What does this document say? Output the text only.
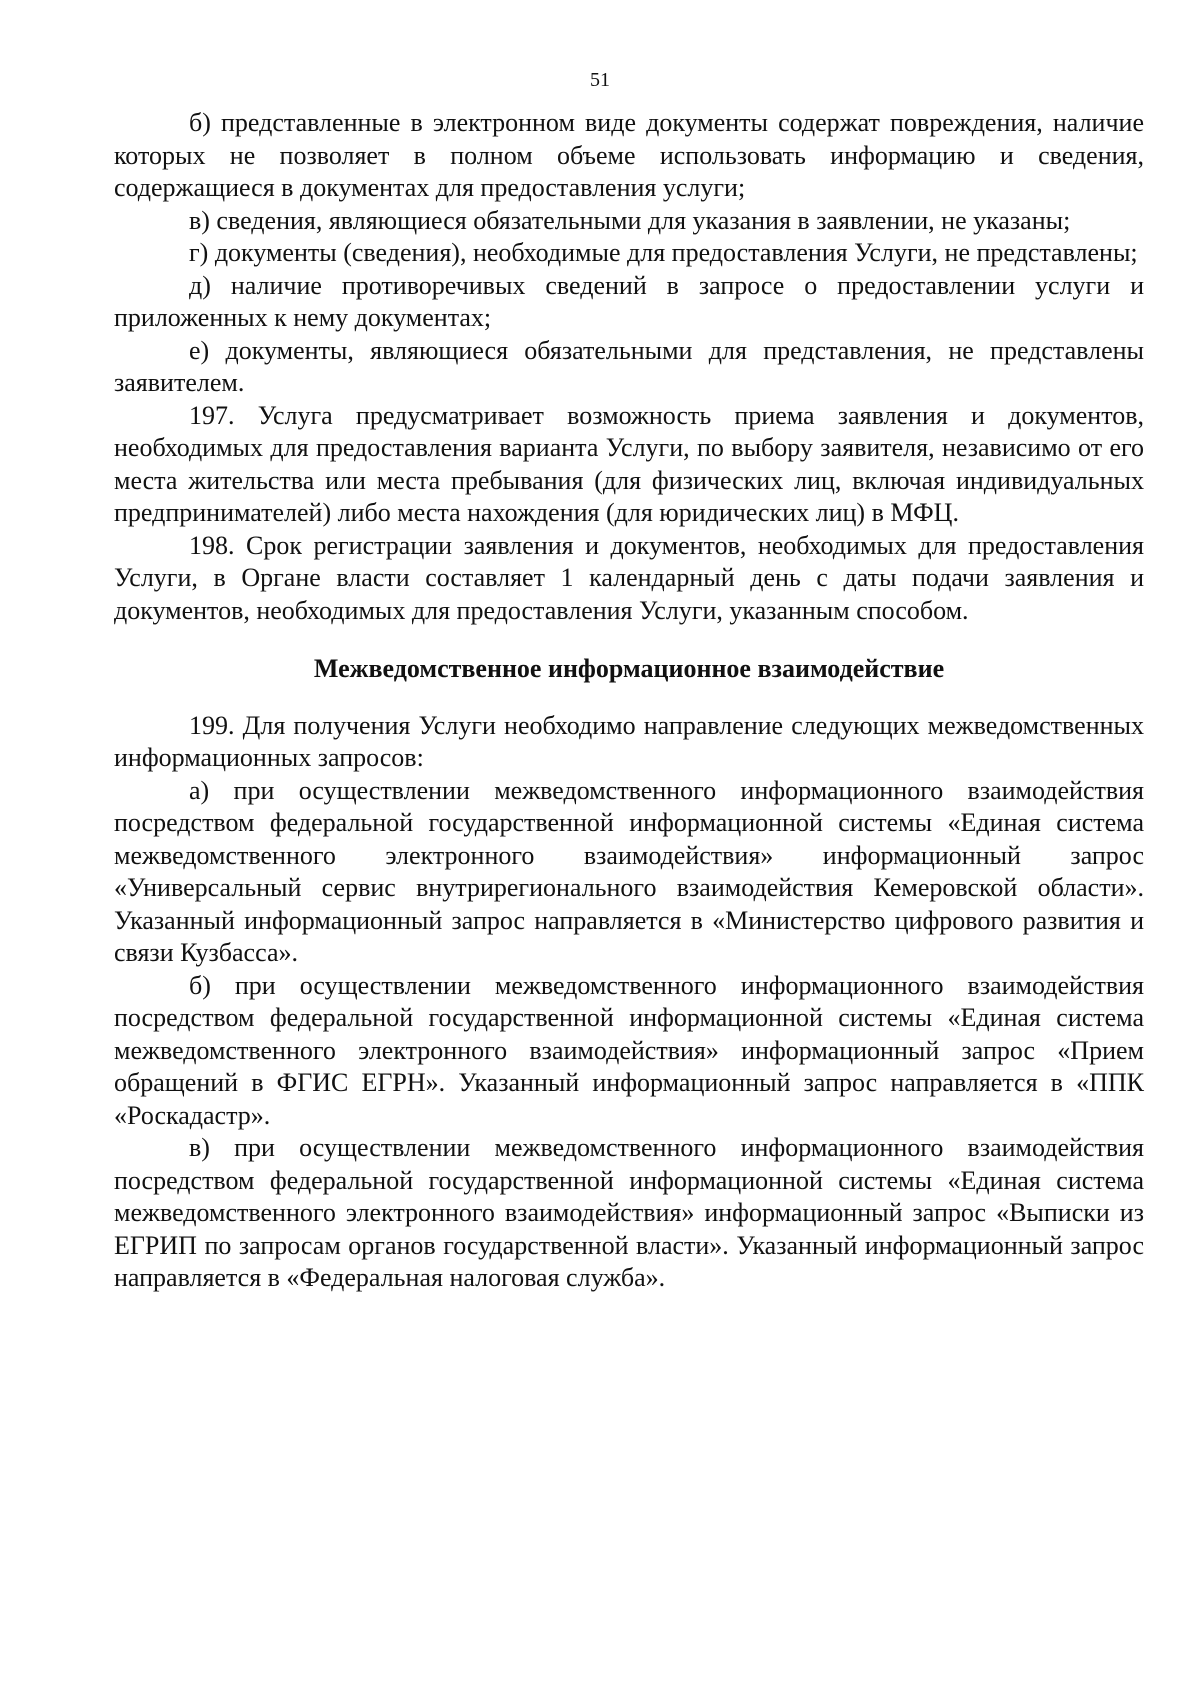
51

б) представленные в электронном виде документы содержат повреждения, наличие которых не позволяет в полном объеме использовать информацию и сведения, содержащиеся в документах для предоставления услуги;

в) сведения, являющиеся обязательными для указания в заявлении, не указаны;

г) документы (сведения), необходимые для предоставления Услуги, не представлены;

д) наличие противоречивых сведений в запросе о предоставлении услуги и приложенных к нему документах;

е) документы, являющиеся обязательными для представления, не представлены заявителем.

197. Услуга предусматривает возможность приема заявления и документов, необходимых для предоставления варианта Услуги, по выбору заявителя, независимо от его места жительства или места пребывания (для физических лиц, включая индивидуальных предпринимателей) либо места нахождения (для юридических лиц) в МФЦ.

198. Срок регистрации заявления и документов, необходимых для предоставления Услуги, в Органе власти составляет 1 календарный день с даты подачи заявления и документов, необходимых для предоставления Услуги, указанным способом.

Межведомственное информационное взаимодействие

199. Для получения Услуги необходимо направление следующих межведомственных информационных запросов:

а) при осуществлении межведомственного информационного взаимодействия посредством федеральной государственной информационной системы «Единая система межведомственного электронного взаимодействия» информационный запрос «Универсальный сервис внутрирегионального взаимодействия Кемеровской области». Указанный информационный запрос направляется в «Министерство цифрового развития и связи Кузбасса».

б) при осуществлении межведомственного информационного взаимодействия посредством федеральной государственной информационной системы «Единая система межведомственного электронного взаимодействия» информационный запрос «Прием обращений в ФГИС ЕГРН». Указанный информационный запрос направляется в «ППК «Роскадастр».

в) при осуществлении межведомственного информационного взаимодействия посредством федеральной государственной информационной системы «Единая система межведомственного электронного взаимодействия» информационный запрос «Выписки из ЕГРИП по запросам органов государственной власти». Указанный информационный запрос направляется в «Федеральная налоговая служба».
